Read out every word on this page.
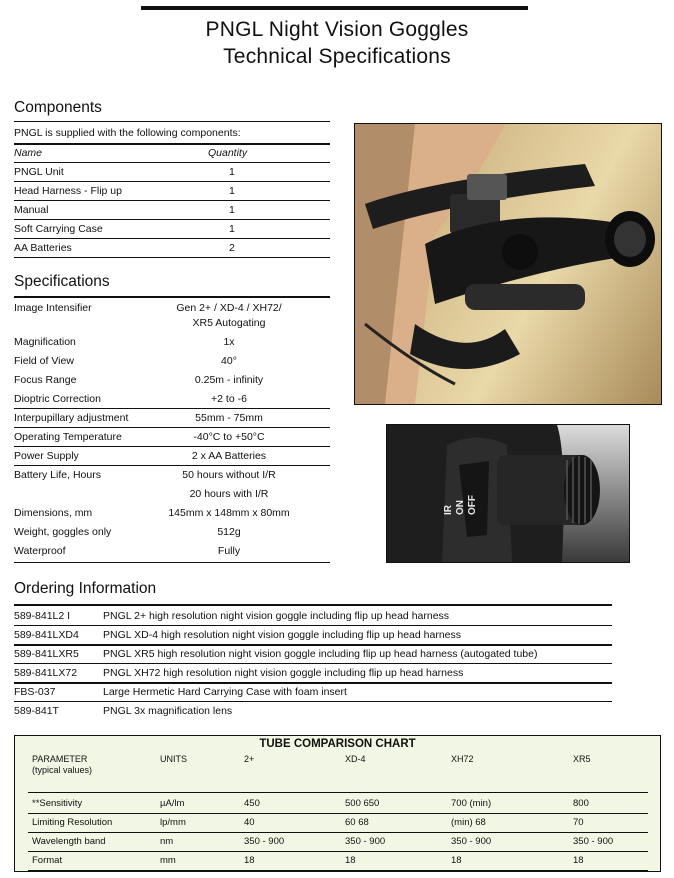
PNGL Night Vision Goggles
Technical Specifications
Components
PNGL is supplied with the following components:
Name	Quantity
PNGL Unit	1
Head Harness - Flip up	1
Manual	1
Soft Carrying Case	1
AA Batteries	2
Specifications
Image Intensifier	Gen 2+ / XD-4 / XH72/
XR5 Autogating
Magnification	1x
Field of View	40°
Focus Range	0.25m - infinity
Dioptric Correction	+2 to -6
Interpupillary adjustment	55mm - 75mm
Operating Temperature	-40°C to +50°C
Power Supply	2 x AA Batteries
Battery Life, Hours	50 hours without I/R
20 hours with I/R
Dimensions, mm	145mm x 148mm x 80mm
Weight, goggles only	512g
Waterproof	Fully
IR ON OFF
Ordering Information
589-841L2 I	PNGL 2+ high resolution night vision goggle including flip up head harness
589-841LXD4 PNGL XD-4 high resolution night vision goggle including flip up head harness
589-841LXR5 PNGL XR5 high resolution night vision goggle including flip up head harness (autogated tube)
589-841LX72 PNGL XH72 high resolution night vision goggle including flip up head harness
FBS-037	Large Hermetic Hard Carrying Case with foam insert
589-841T	PNGL 3x magnification lens
TUBE COMPARISON CHART
PARAMETER
(typical values)
UNITS	2+	XD-4	XH72	XR5
**Sensitivity	µA/lm	450	500 650	700 (min)	800
Limiting Resolution	lp/mm	40	60 68	(min) 68	70
Wavelength band	nm	350 - 900	350 - 900	350 - 900	350 - 900
Format	mm	18	18	18	18
